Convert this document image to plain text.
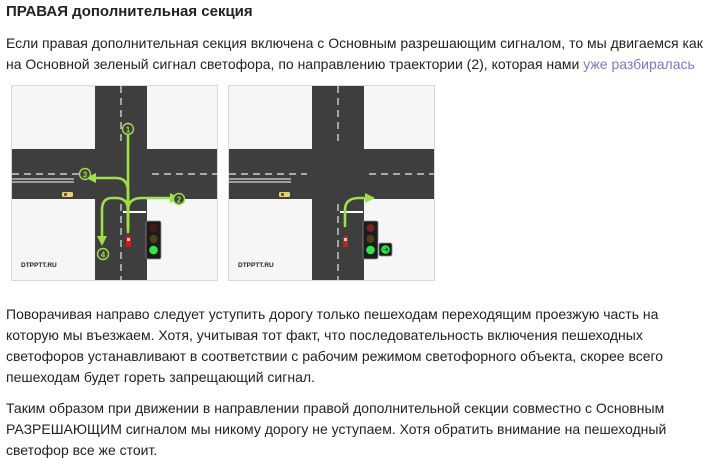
ПРАВАЯ дополнительная секция

Если правая дополнительная секция включена с Основным разрешающим сигналом, то мы двигаемся как на Основной зеленый сигнал светофора, по направлению траектории (2), которая нами уже разбиралась

1
2
3
4
DTPPTT.RU	DTPPTT.RU

Поворачивая направо следует уступить дорогу только пешеходам переходящим проезжую часть на которую мы въезжаем. Хотя, учитывая тот факт, что последовательность включения пешеходных светофоров устанавливают в соответствии с рабочим режимом светофорного объекта, скорее всего пешеходам будет гореть запрещающий сигнал.

Таким образом при движении в направлении правой дополнительной секции совместно с Основным РАЗРЕШАЮЩИМ сигналом мы никому дорогу не уступаем. Хотя обратить внимание на пешеходный светофор все же стоит.
